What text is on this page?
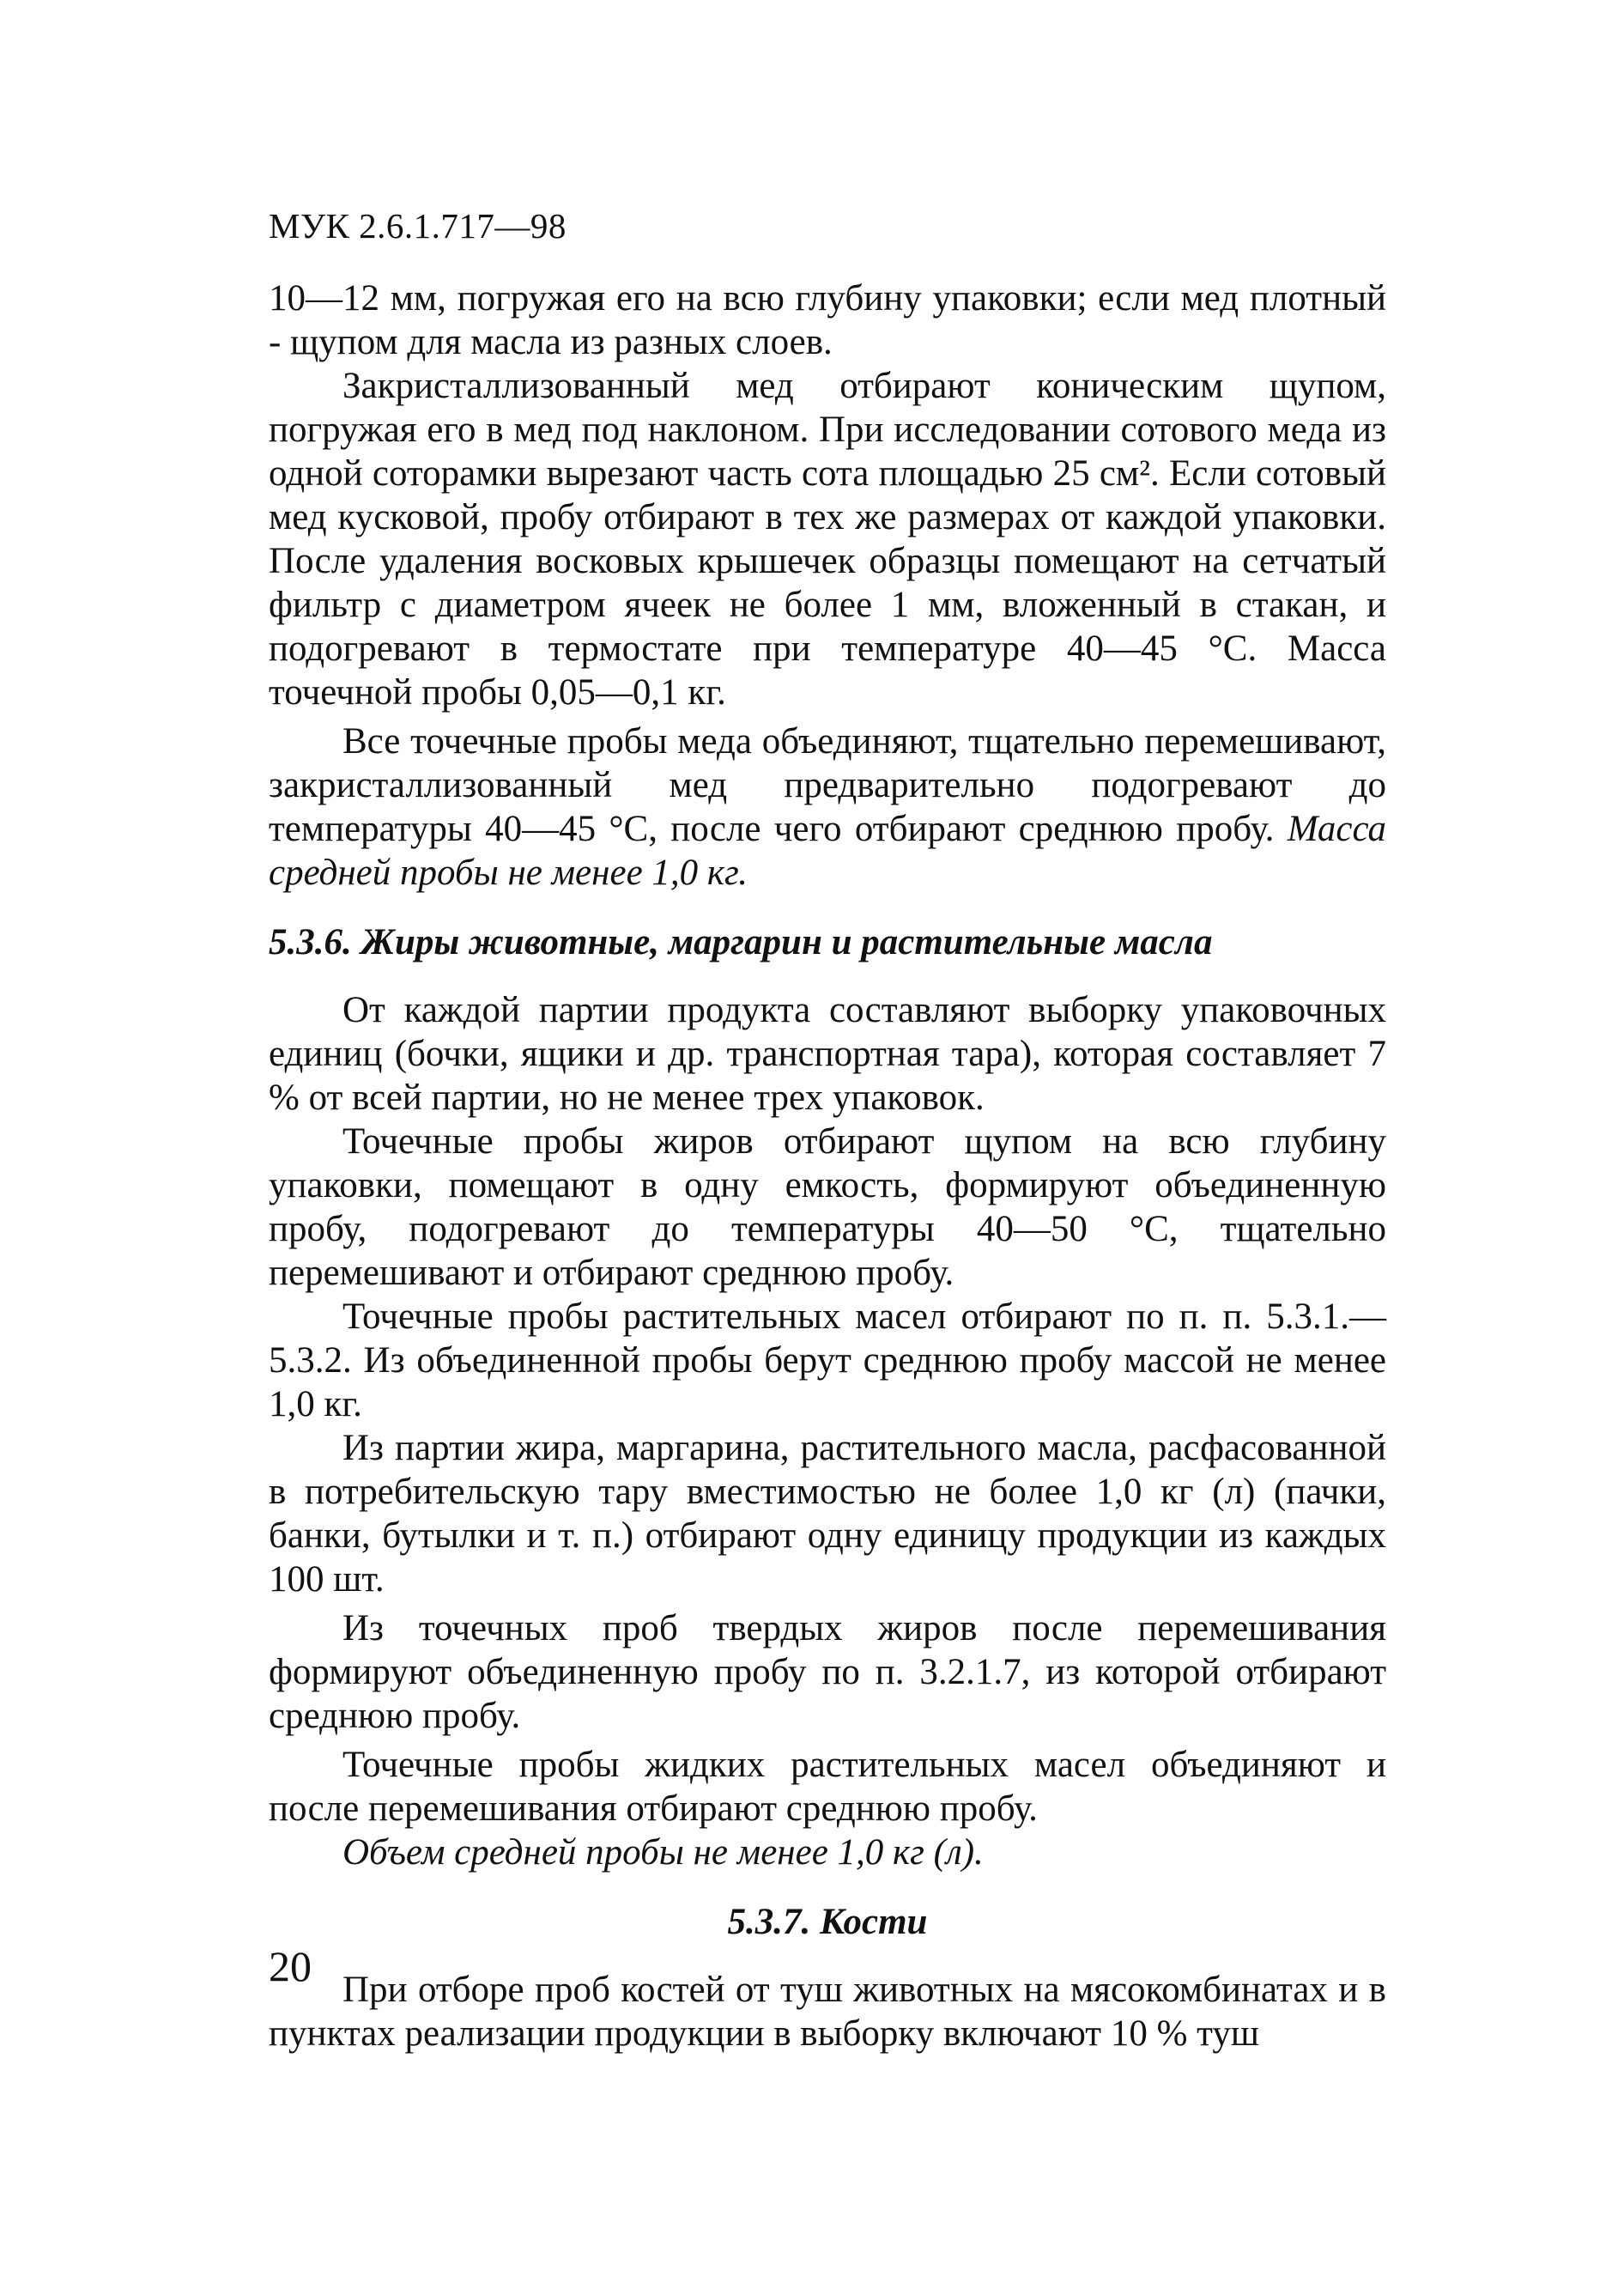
МУК 2.6.1.717—98

10—12 мм, погружая его на всю глубину упаковки; если мед плотный - щупом для масла из разных слоев.

Закристаллизованный мед отбирают коническим щупом, погружая его в мед под наклоном. При исследовании сотового меда из одной соторамки вырезают часть сота площадью 25 см². Если сотовый мед кусковой, пробу отбирают в тех же размерах от каждой упаковки. После удаления восковых крышечек образцы помещают на сетчатый фильтр с диаметром ячеек не более 1 мм, вложенный в стакан, и подогревают в термостате при температуре 40—45 °С. Масса точечной пробы 0,05—0,1 кг.

Все точечные пробы меда объединяют, тщательно перемешивают, закристаллизованный мед предварительно подогревают до температуры 40—45 °С, после чего отбирают среднюю пробу. Масса средней пробы не менее 1,0 кг.

5.3.6. Жиры животные, маргарин и растительные масла

От каждой партии продукта составляют выборку упаковочных единиц (бочки, ящики и др. транспортная тара), которая составляет 7 % от всей партии, но не менее трех упаковок.

Точечные пробы жиров отбирают щупом на всю глубину упаковки, помещают в одну емкость, формируют объединенную пробу, подогревают до температуры 40—50 °С, тщательно перемешивают и отбирают среднюю пробу.

Точечные пробы растительных масел отбирают по п. п. 5.3.1.—5.3.2. Из объединенной пробы берут среднюю пробу массой не менее 1,0 кг.

Из партии жира, маргарина, растительного масла, расфасованной в потребительскую тару вместимостью не более 1,0 кг (л) (пачки, банки, бутылки и т. п.) отбирают одну единицу продукции из каждых 100 шт.

Из точечных проб твердых жиров после перемешивания формируют объединенную пробу по п. 3.2.1.7, из которой отбирают среднюю пробу.

Точечные пробы жидких растительных масел объединяют и после перемешивания отбирают среднюю пробу.

Объем средней пробы не менее 1,0 кг (л).

5.3.7. Кости

При отборе проб костей от туш животных на мясокомбинатах и в пунктах реализации продукции в выборку включают 10 % туш

20
